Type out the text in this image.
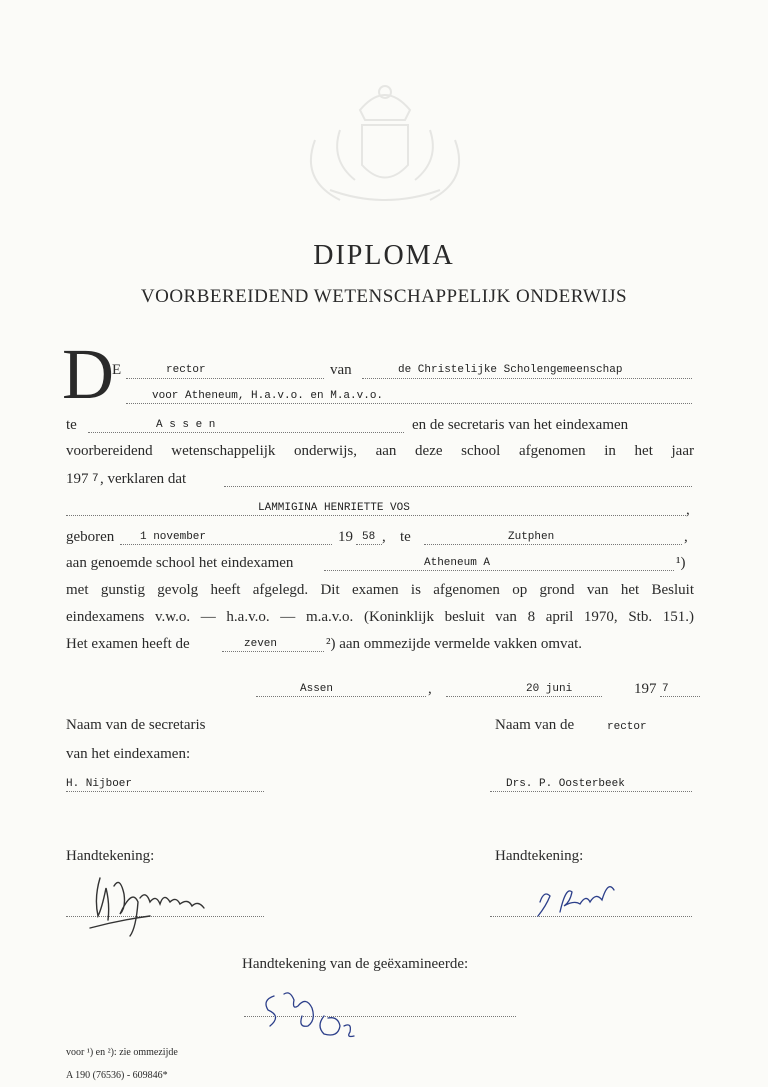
DIPLOMA
VOORBEREIDEND WETENSCHAPPELIJK ONDERWIJS
D
E	rector	van	de Christelijke Scholengemeenschap
voor Atheneum, H.a.v.o. en M.a.v.o.
te	A s s e n	en de secretaris van het eindexamen
voorbereidend wetenschappelijk onderwijs, aan deze school afgenomen in het jaar
197 7 , verklaren dat
LAMMIGINA HENRIETTE VOS	,
geboren 1 november	19 58 , te	Zutphen	,
aan genoemde school het eindexamen	Atheneum A	¹)
met gunstig gevolg heeft afgelegd. Dit examen is afgenomen op grond van het Besluit
eindexamens v.w.o. — h.a.v.o. — m.a.v.o. (Koninklijk besluit van 8 april 1970, Stb. 151.)
Het examen heeft de	zeven	²) aan ommezijde vermelde vakken omvat.
Assen	,	20 juni	197 7
Naam van de secretaris
van het eindexamen:
H. Nijboer
Handtekening:
Naam van de	rector
Drs. P. Oosterbeek
Handtekening:
Handtekening van de geëxamineerde:
voor ¹) en ²): zie ommezijde
A 190 (76536) - 609846*
